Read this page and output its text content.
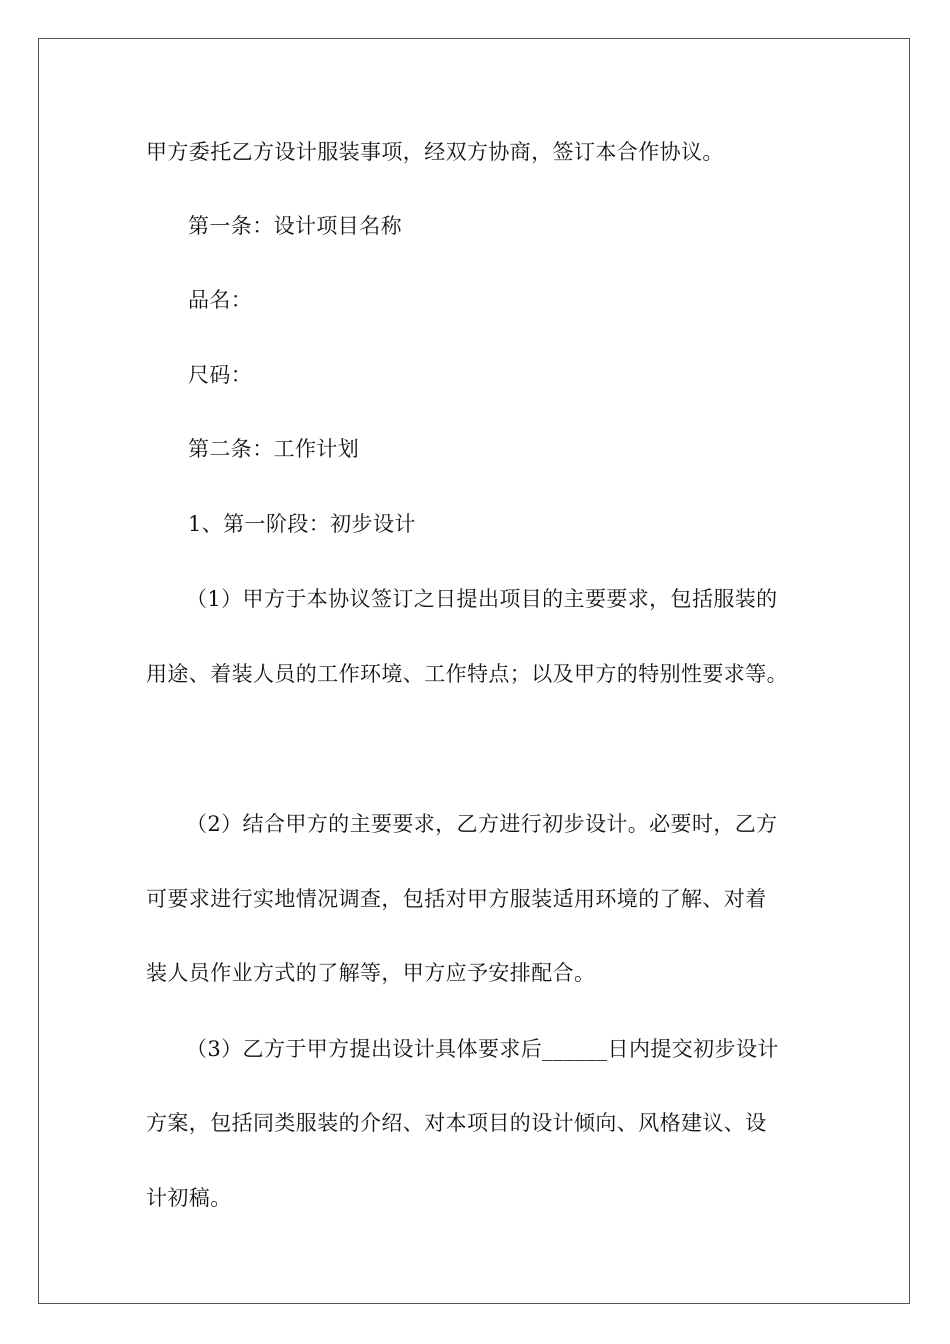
甲方委托乙方设计服装事项，经双方协商，签订本合作协议。
第一条：设计项目名称
品名：
尺码：
第二条：工作计划
1、第一阶段：初步设计
（1）甲方于本协议签订之日提出项目的主要要求，包括服装的
用途、着装人员的工作环境、工作特点；以及甲方的特别性要求等。
（2）结合甲方的主要要求，乙方进行初步设计。必要时，乙方
可要求进行实地情况调查，包括对甲方服装适用环境的了解、对着
装人员作业方式的了解等，甲方应予安排配合。
（3）乙方于甲方提出设计具体要求后______日内提交初步设计
方案，包括同类服装的介绍、对本项目的设计倾向、风格建议、设
计初稿。
